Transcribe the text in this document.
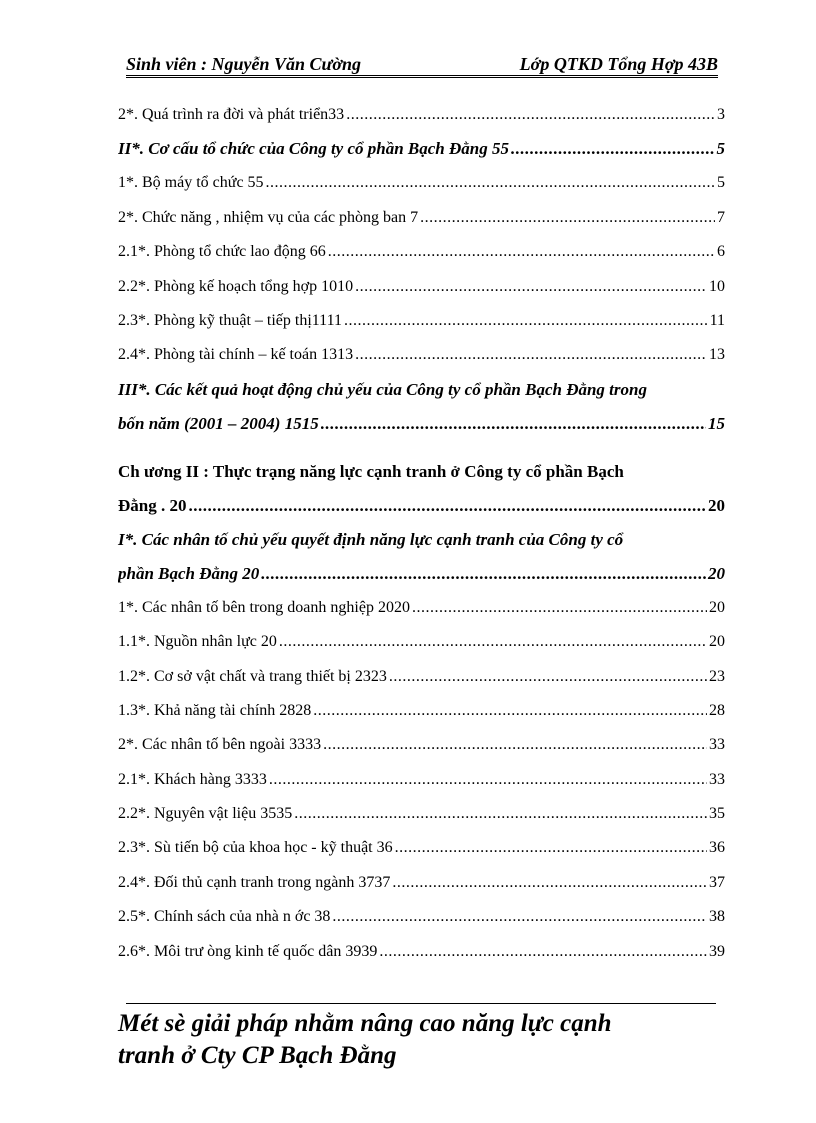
Sinh viên : Nguyễn Văn Cường	Lớp QTKD Tổng Hợp 43B
2*. Quá trình ra đời và phát triển33 .....	3
II*. Cơ cấu tổ chức của Công ty cổ phần Bạch Đằng 55 .....	5
1*. Bộ máy tổ chức 55 .....	5
2*. Chức năng , nhiệm vụ của các phòng ban 7 .....	7
2.1*. Phòng tổ chức lao động 66 .....	6
2.2*. Phòng kế hoạch tổng hợp 1010 .....	10
2.3*. Phòng kỹ thuật – tiếp thị1111 .....	11
2.4*. Phòng tài chính – kế toán 1313 .....	13
III*. Các kết quả hoạt động chủ yếu của Công ty cổ phần Bạch Đằng trong
bốn năm (2001 – 2004) 1515 .....	15
Ch ương II : Thực trạng năng lực cạnh tranh ở Công ty cổ phần Bạch
Đằng . 20 .....	20
I*. Các nhân tố chủ yếu quyết định năng lực cạnh tranh của Công ty cổ
phần Bạch Đằng 20 .....	20
1*. Các nhân tố bên trong doanh nghiệp 2020 .....	20
1.1*. Nguồn nhân lực 20 .....	20
1.2*. Cơ sở vật chất và trang thiết bị 2323 .....	23
1.3*. Khả năng tài chính 2828 .....	28
2*. Các nhân tố bên ngoài 3333 .....	33
2.1*. Khách hàng 3333 .....	33
2.2*. Nguyên vật liệu 3535 .....	35
2.3*. Sù tiến bộ của khoa học - kỹ thuật 36 .....	36
2.4*. Đối thủ cạnh tranh trong ngành 3737 .....	37
2.5*. Chính sách của nhà n ớc 38 .....	38
2.6*. Môi trư òng kinh tế quốc dân 3939 .....	39
Mét sè giải pháp nhằm nâng cao năng lực cạnh
tranh ở Cty CP Bạch Đằng
